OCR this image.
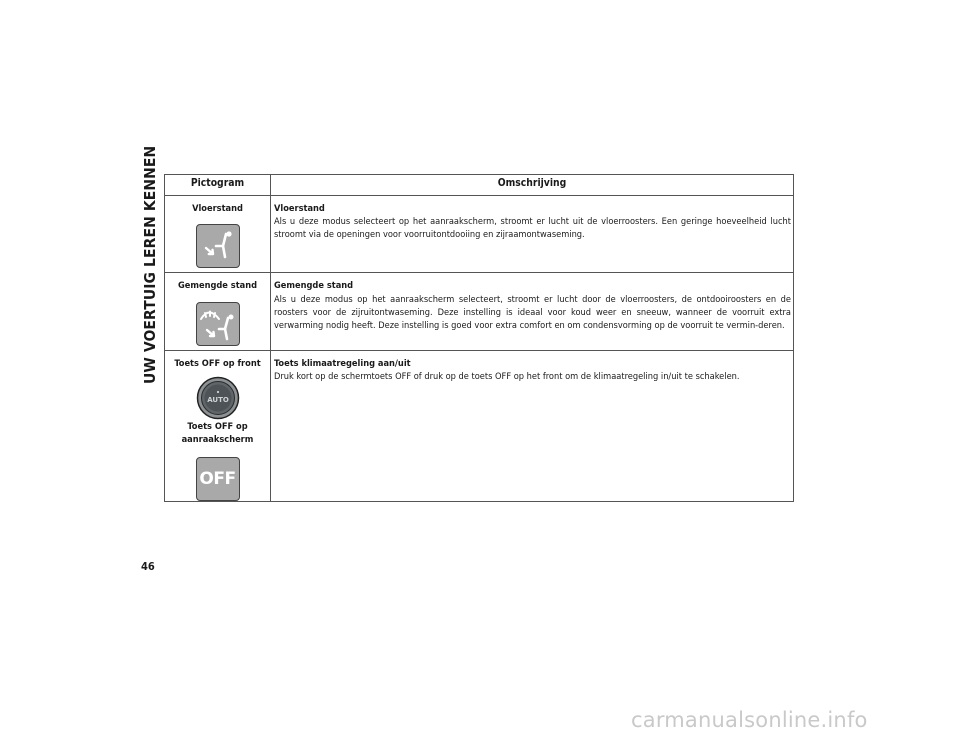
UW VOERTUIG LEREN KENNEN
46
Pictogram	Omschrijving

Vloerstand	Vloerstand
Als u deze modus selecteert op het aanraakscherm, stroomt er lucht uit de vloerroosters. Een geringe hoeveelheid lucht stroomt via de openingen voor voorruitontdooiing en zijraamontwaseming.

Gemengde stand	Gemengde stand
Als u deze modus op het aanraakscherm selecteert, stroomt er lucht door de vloerroosters, de ontdooiroosters en de roosters voor de zijruitontwaseming. Deze instelling is ideaal voor koud weer en sneeuw, wanneer de voorruit extra verwarming nodig heeft. Deze instelling is goed voor extra comfort en om condensvorming op de voorruit te vermin-deren.

Toets OFF op front
AUTO
Toets OFF op aanraakscherm
OFF	Toets klimaatregeling aan/uit
Druk kort op de schermtoets OFF of druk op de toets OFF op het front om de klimaatregeling in/uit te schakelen.
carmanualsonline.info
